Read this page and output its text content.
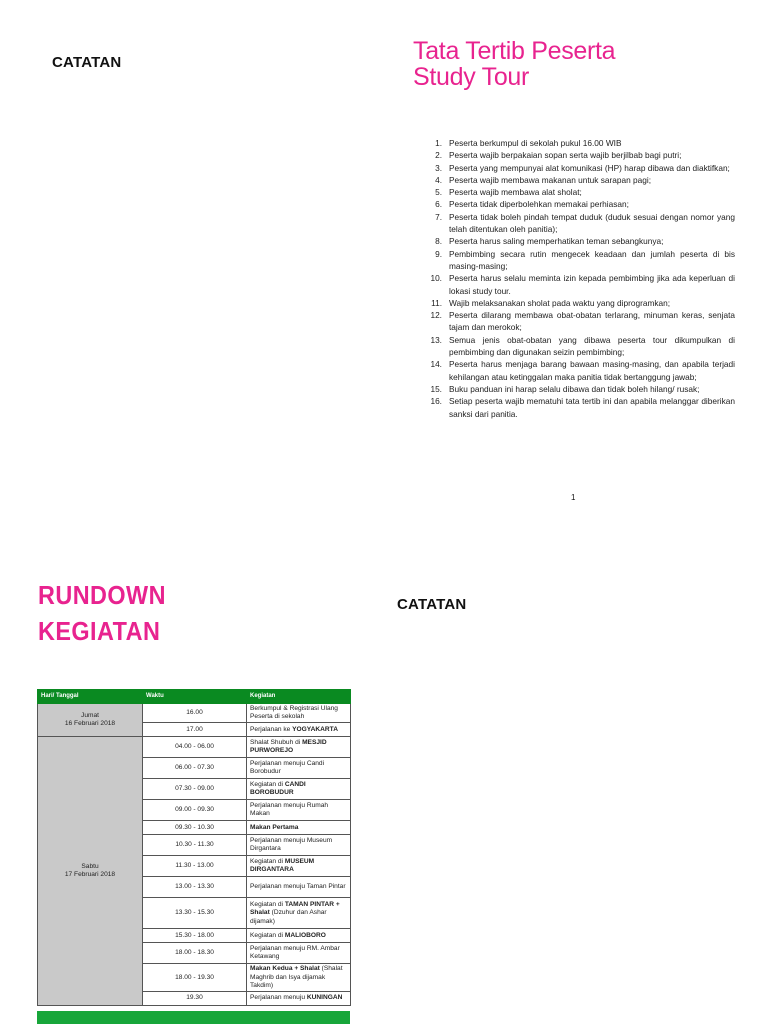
CATATAN	Tata Tertib Peserta
Study Tour
1. Peserta berkumpul di sekolah pukul 16.00 WIB
2. Peserta wajib berpakaian sopan serta wajib berjilbab bagi putri;
3. Peserta yang mempunyai alat komunikasi (HP) harap dibawa dan diaktifkan;
4. Peserta wajib membawa makanan untuk sarapan pagi;
5. Peserta wajib membawa alat sholat;
6. Peserta tidak diperbolehkan memakai perhiasan;
7. Peserta tidak boleh pindah tempat duduk (duduk sesuai dengan nomor yang telah ditentukan oleh panitia);
8. Peserta harus saling memperhatikan teman sebangkunya;
9. Pembimbing secara rutin mengecek keadaan dan jumlah peserta di bis masing-masing;
10. Peserta harus selalu meminta izin kepada pembimbing jika ada keperluan di lokasi study tour.
11. Wajib melaksanakan sholat pada waktu yang diprogramkan;
12. Peserta dilarang membawa obat-obatan terlarang, minuman keras, senjata tajam dan merokok;
13. Semua jenis obat-obatan yang dibawa peserta tour dikumpulkan di pembimbing dan digunakan seizin pembimbing;
14. Peserta harus menjaga barang bawaan masing-masing, dan apabila terjadi kehilangan atau ketinggalan maka panitia tidak bertanggung jawab;
15. Buku panduan ini harap selalu dibawa dan tidak boleh hilang/ rusak;
16. Setiap peserta wajib mematuhi tata tertib ini dan apabila melanggar diberikan sanksi dari panitia.
1
RUNDOWN
KEGIATAN
CATATAN
Hari/ Tanggal	Waktu	Kegiatan

Jumat
16 Februari 2018	16.00	Berkumpul & Registrasi Ulang Peserta di sekolah
	17.00	Perjalanan ke YOGYAKARTA

Sabtu
17 Februari 2018	04.00 - 06.00	Shalat Shubuh di MESJID PURWOREJO
	06.00 - 07.30	Perjalanan menuju Candi Borobudur
	07.30 - 09.00	Kegiatan di CANDI BOROBUDUR
	09.00 - 09.30	Perjalanan menuju Rumah Makan
	09.30 - 10.30	Makan Pertama
	10.30 - 11.30	Perjalanan menuju Museum Dirgantara
	11.30 - 13.00	Kegiatan di MUSEUM DIRGANTARA
	13.00 - 13.30	Perjalanan menuju Taman Pintar
	13.30 - 15.30	Kegiatan di TAMAN PINTAR + Shalat (Dzuhur dan Ashar dijamak)
	15.30 - 18.00	Kegiatan di MALIOBORO
	18.00 - 18.30	Perjalanan menuju RM. Ambar Ketawang
	18.00 - 19.30	Makan Kedua + Shalat (Shalat Maghrib dan Isya dijamak Takdim)
	19.30	Perjalanan menuju KUNINGAN
